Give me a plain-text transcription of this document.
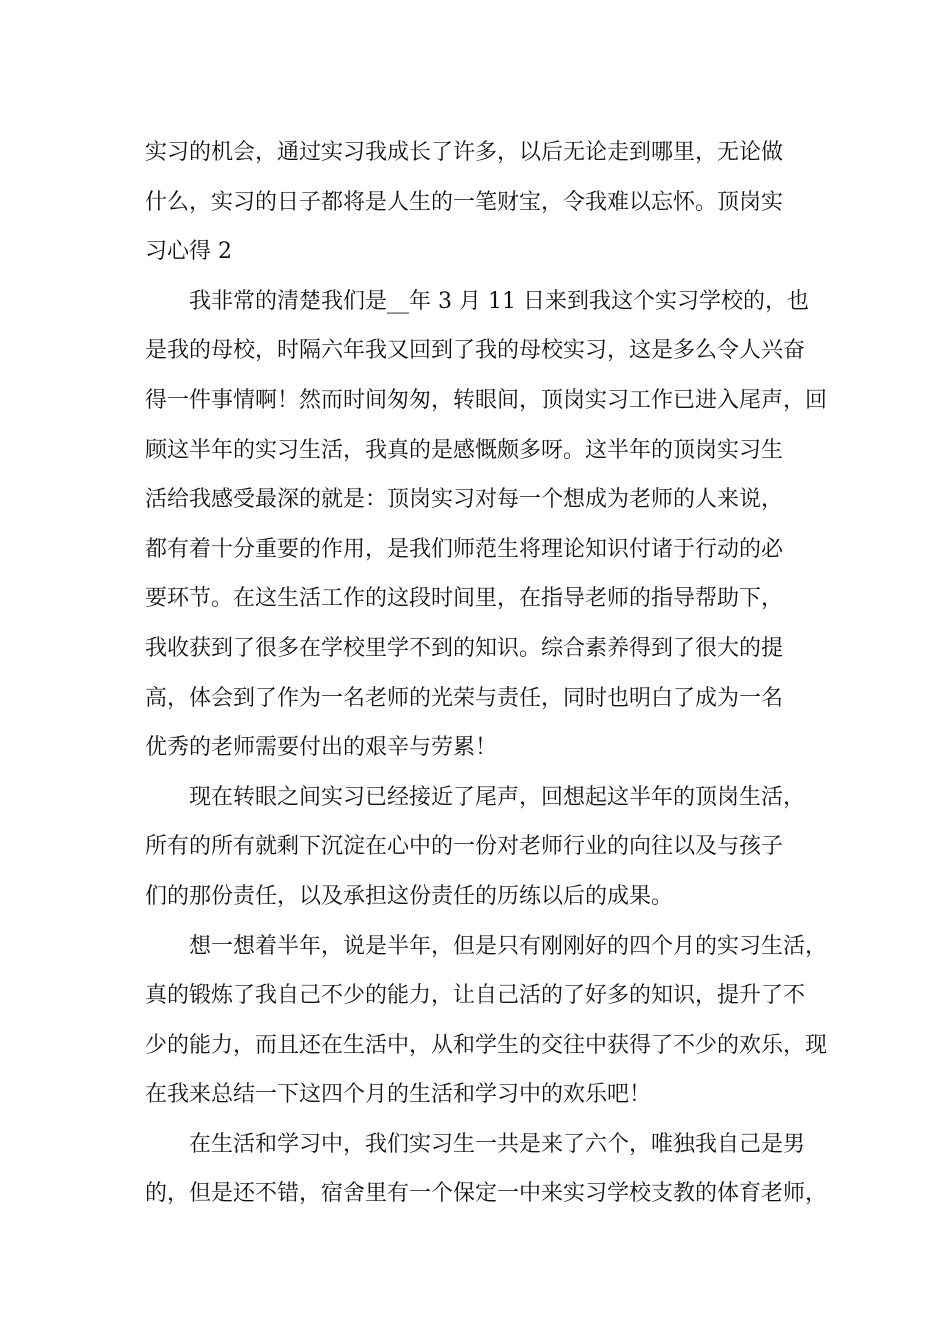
实习的机会，通过实习我成长了许多，以后无论走到哪里，无论做
什么，实习的日子都将是人生的一笔财宝，令我难以忘怀。顶岗实
习心得 2
我非常的清楚我们是__年 3 月 11 日来到我这个实习学校的，也
是我的母校，时隔六年我又回到了我的母校实习，这是多么令人兴奋
得一件事情啊！然而时间匆匆，转眼间，顶岗实习工作已进入尾声，回
顾这半年的实习生活，我真的是感慨颇多呀。这半年的顶岗实习生
活给我感受最深的就是：顶岗实习对每一个想成为老师的人来说，
都有着十分重要的作用，是我们师范生将理论知识付诸于行动的必
要环节。在这生活工作的这段时间里，在指导老师的指导帮助下，
我收获到了很多在学校里学不到的知识。综合素养得到了很大的提
高，体会到了作为一名老师的光荣与责任，同时也明白了成为一名
优秀的老师需要付出的艰辛与劳累！
现在转眼之间实习已经接近了尾声，回想起这半年的顶岗生活，
所有的所有就剩下沉淀在心中的一份对老师行业的向往以及与孩子
们的那份责任，以及承担这份责任的历练以后的成果。
想一想着半年，说是半年，但是只有刚刚好的四个月的实习生活，
真的锻炼了我自己不少的能力，让自己活的了好多的知识，提升了不
少的能力，而且还在生活中，从和学生的交往中获得了不少的欢乐，现
在我来总结一下这四个月的生活和学习中的欢乐吧！
在生活和学习中，我们实习生一共是来了六个，唯独我自己是男
的，但是还不错，宿舍里有一个保定一中来实习学校支教的体育老师，
